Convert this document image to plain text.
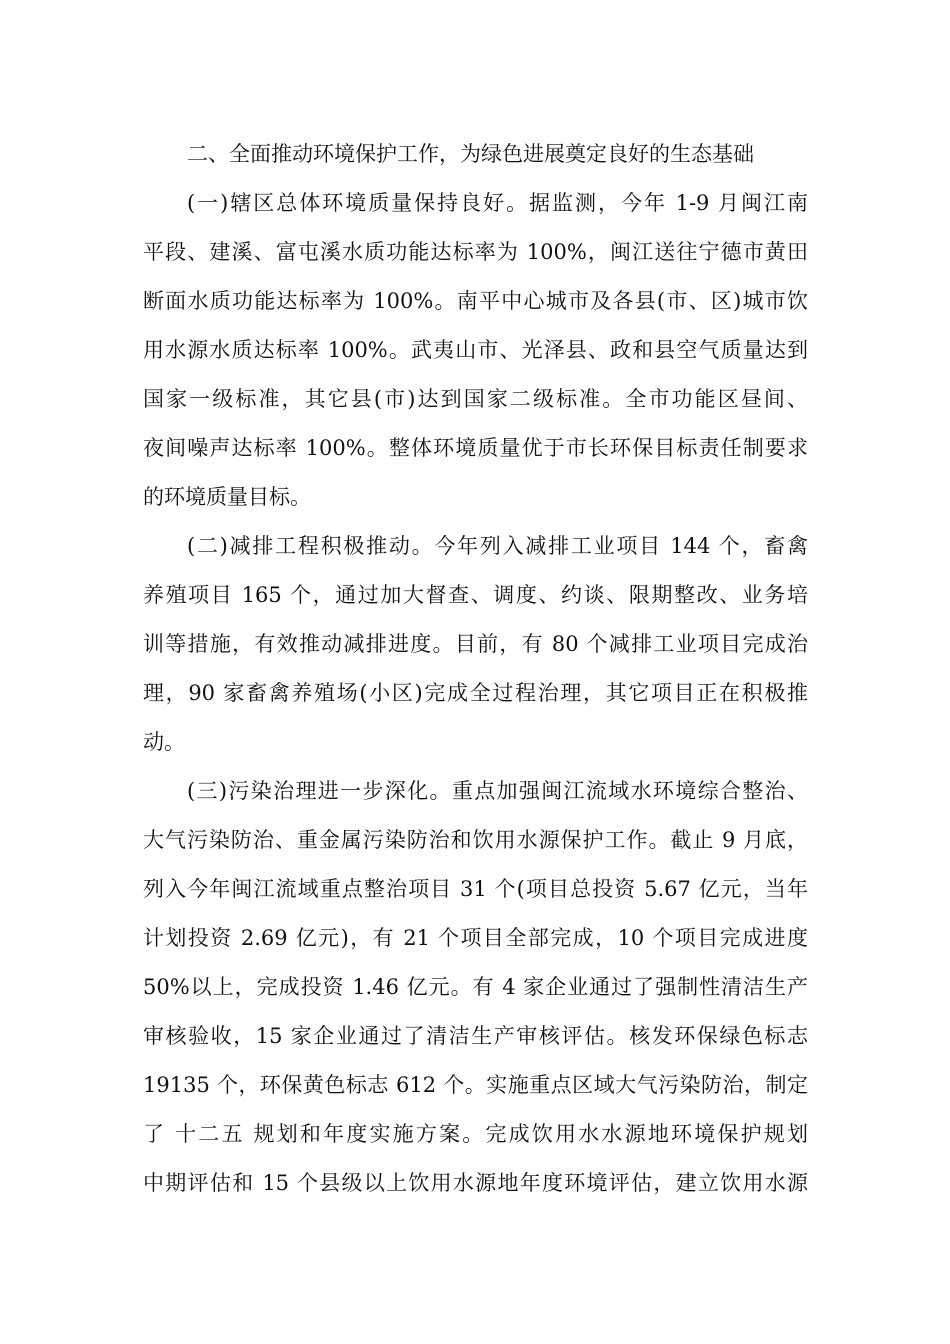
二、全面推动环境保护工作，为绿色进展奠定良好的生态基础
(一)辖区总体环境质量保持良好。据监测，今年 1-9 月闽江南
平段、建溪、富屯溪水质功能达标率为 100%，闽江送往宁德市黄田
断面水质功能达标率为 100%。南平中心城市及各县(市、区)城市饮
用水源水质达标率 100%。武夷山市、光泽县、政和县空气质量达到
国家一级标准，其它县(市)达到国家二级标准。全市功能区昼间、
夜间噪声达标率 100%。整体环境质量优于市长环保目标责任制要求
的环境质量目标。
(二)减排工程积极推动。今年列入减排工业项目 144 个，畜禽
养殖项目 165 个，通过加大督查、调度、约谈、限期整改、业务培
训等措施，有效推动减排进度。目前，有 80 个减排工业项目完成治
理，90 家畜禽养殖场(小区)完成全过程治理，其它项目正在积极推
动。
(三)污染治理进一步深化。重点加强闽江流域水环境综合整治、
大气污染防治、重金属污染防治和饮用水源保护工作。截止 9 月底，
列入今年闽江流域重点整治项目 31 个(项目总投资 5.67 亿元，当年
计划投资 2.69 亿元)，有 21 个项目全部完成，10 个项目完成进度
50%以上，完成投资 1.46 亿元。有 4 家企业通过了强制性清洁生产
审核验收，15 家企业通过了清洁生产审核评估。核发环保绿色标志
19135 个，环保黄色标志 612 个。实施重点区域大气污染防治，制定
了 十二五 规划和年度实施方案。完成饮用水水源地环境保护规划
中期评估和 15 个县级以上饮用水源地年度环境评估，建立饮用水源
